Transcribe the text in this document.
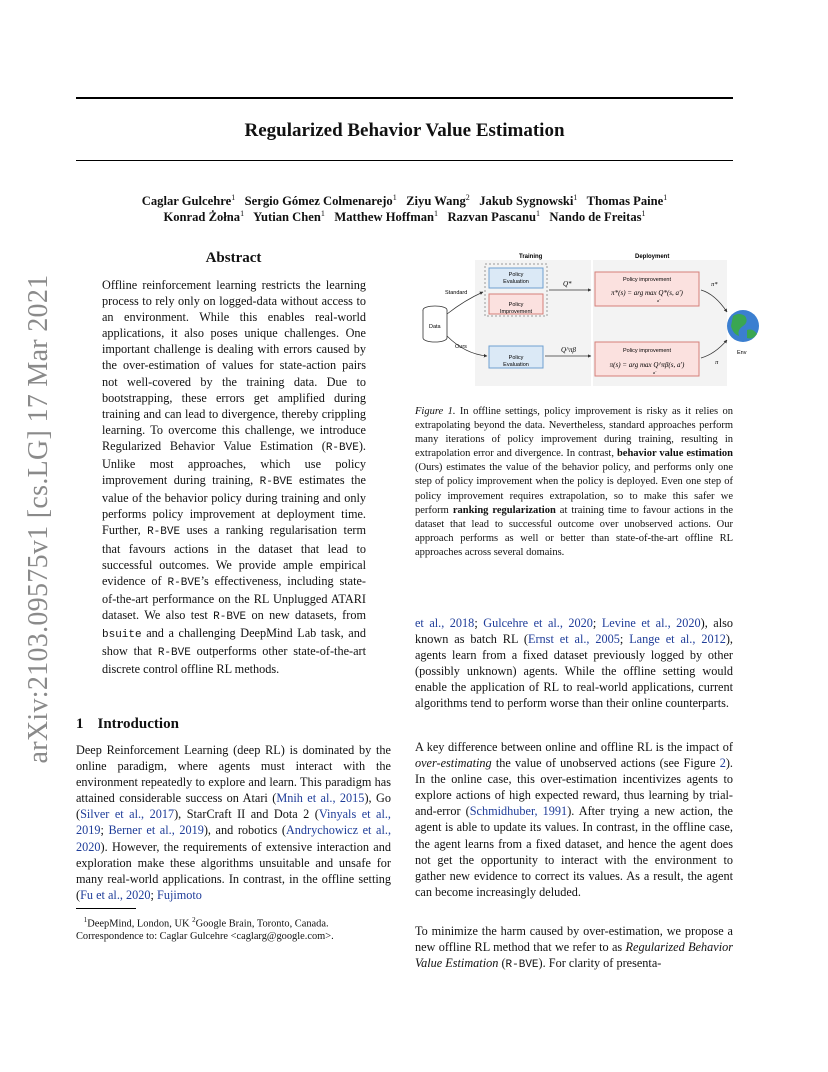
arXiv:2103.09575v1 [cs.LG] 17 Mar 2021
Regularized Behavior Value Estimation
Caglar Gulcehre$^1$ Sergio Gómez Colmenarejo$^1$ Ziyu Wang$^2$ Jakub Sygnowski$^1$ Thomas Paine$^1$
Konrad Żołna$^1$ Yutian Chen$^1$ Matthew Hoffman$^1$ Razvan Pascanu$^1$ Nando de Freitas$^1$
Abstract

Offline reinforcement learning restricts the learning process to rely only on logged-data without access to an environment. While this enables real-world applications, it also poses unique challenges. One important challenge is dealing with errors caused by the over-estimation of values for state-action pairs not well-covered by the training data. Due to bootstrapping, these errors get amplified during training and can lead to divergence, thereby crippling learning. To overcome this challenge, we introduce Regularized Behavior Value Estimation (R-BVE). Unlike most approaches, which use policy improvement during training, R-BVE estimates the value of the behavior policy during training and only performs policy improvement at deployment time. Further, R-BVE uses a ranking regularisation term that favours actions in the dataset that lead to successful outcomes. We provide ample empirical evidence of R-BVE’s effectiveness, including state-of-the-art performance on the RL Unplugged ATARI dataset. We also test R-BVE on new datasets, from bsuite and a challenging DeepMind Lab task, and show that R-BVE outperforms other state-of-the-art discrete control offline RL methods.

1 Introduction

Deep Reinforcement Learning (deep RL) is dominated by the online paradigm, where agents must interact with the environment repeatedly to explore and learn. This paradigm has attained considerable success on Atari (Mnih et al., 2015), Go (Silver et al., 2017), StarCraft II and Dota 2 (Vinyals et al., 2019; Berner et al., 2019), and robotics (Andrychowicz et al., 2020). However, the requirements of extensive interaction and exploration make these algorithms unsuitable and unsafe for many real-world applications. In contrast, in the offline setting (Fu et al., 2020; Fujimoto

$^1$DeepMind, London, UK $^2$Google Brain, Toronto, Canada.
Correspondence to: Caglar Gulcehre <caglarg@google.com>.

Training	Deployment
Policy Evaluation
Policy Improvement
Standard
Ours
Data
Policy Evaluation
Q*
Q^πβ
Policy improvement
π*(s) = arg max Q*(s, a′)
a′
Policy improvement
π(s) = arg max Q^πβ(s, a′)
a′
π*
π
Env

Figure 1. In offline settings, policy improvement is risky as it relies on extrapolating beyond the data. Nevertheless, standard approaches perform many iterations of policy improvement during training, resulting in extrapolation error and divergence. In contrast, behavior value estimation (Ours) estimates the value of the behavior policy, and performs only one step of policy improvement when the policy is deployed. Even one step of policy improvement requires extrapolation, so to make this safer we perform ranking regularization at training time to favour actions in the dataset that lead to successful outcome over unobserved actions. Our approach performs as well or better than state-of-the-art offline RL approaches across several domains.

et al., 2018; Gulcehre et al., 2020; Levine et al., 2020), also known as batch RL (Ernst et al., 2005; Lange et al., 2012), agents learn from a fixed dataset previously logged by other (possibly unknown) agents. While the offline setting would enable the application of RL to real-world applications, current algorithms tend to perform worse than their online counterparts.

A key difference between online and offline RL is the impact of over-estimating the value of unobserved actions (see Figure 2). In the online case, this over-estimation incentivizes agents to explore actions of high expected reward, thus learning by trial-and-error (Schmidhuber, 1991). After trying a new action, the agent is able to update its values. In contrast, in the offline case, the agent learns from a fixed dataset, and hence the agent does not get the opportunity to interact with the environment to gather new evidence to correct its values. As a result, the agent can become increasingly deluded.

To minimize the harm caused by over-estimation, we propose a new offline RL method that we refer to as Regularized Behavior Value Estimation (R-BVE). For clarity of presenta-
